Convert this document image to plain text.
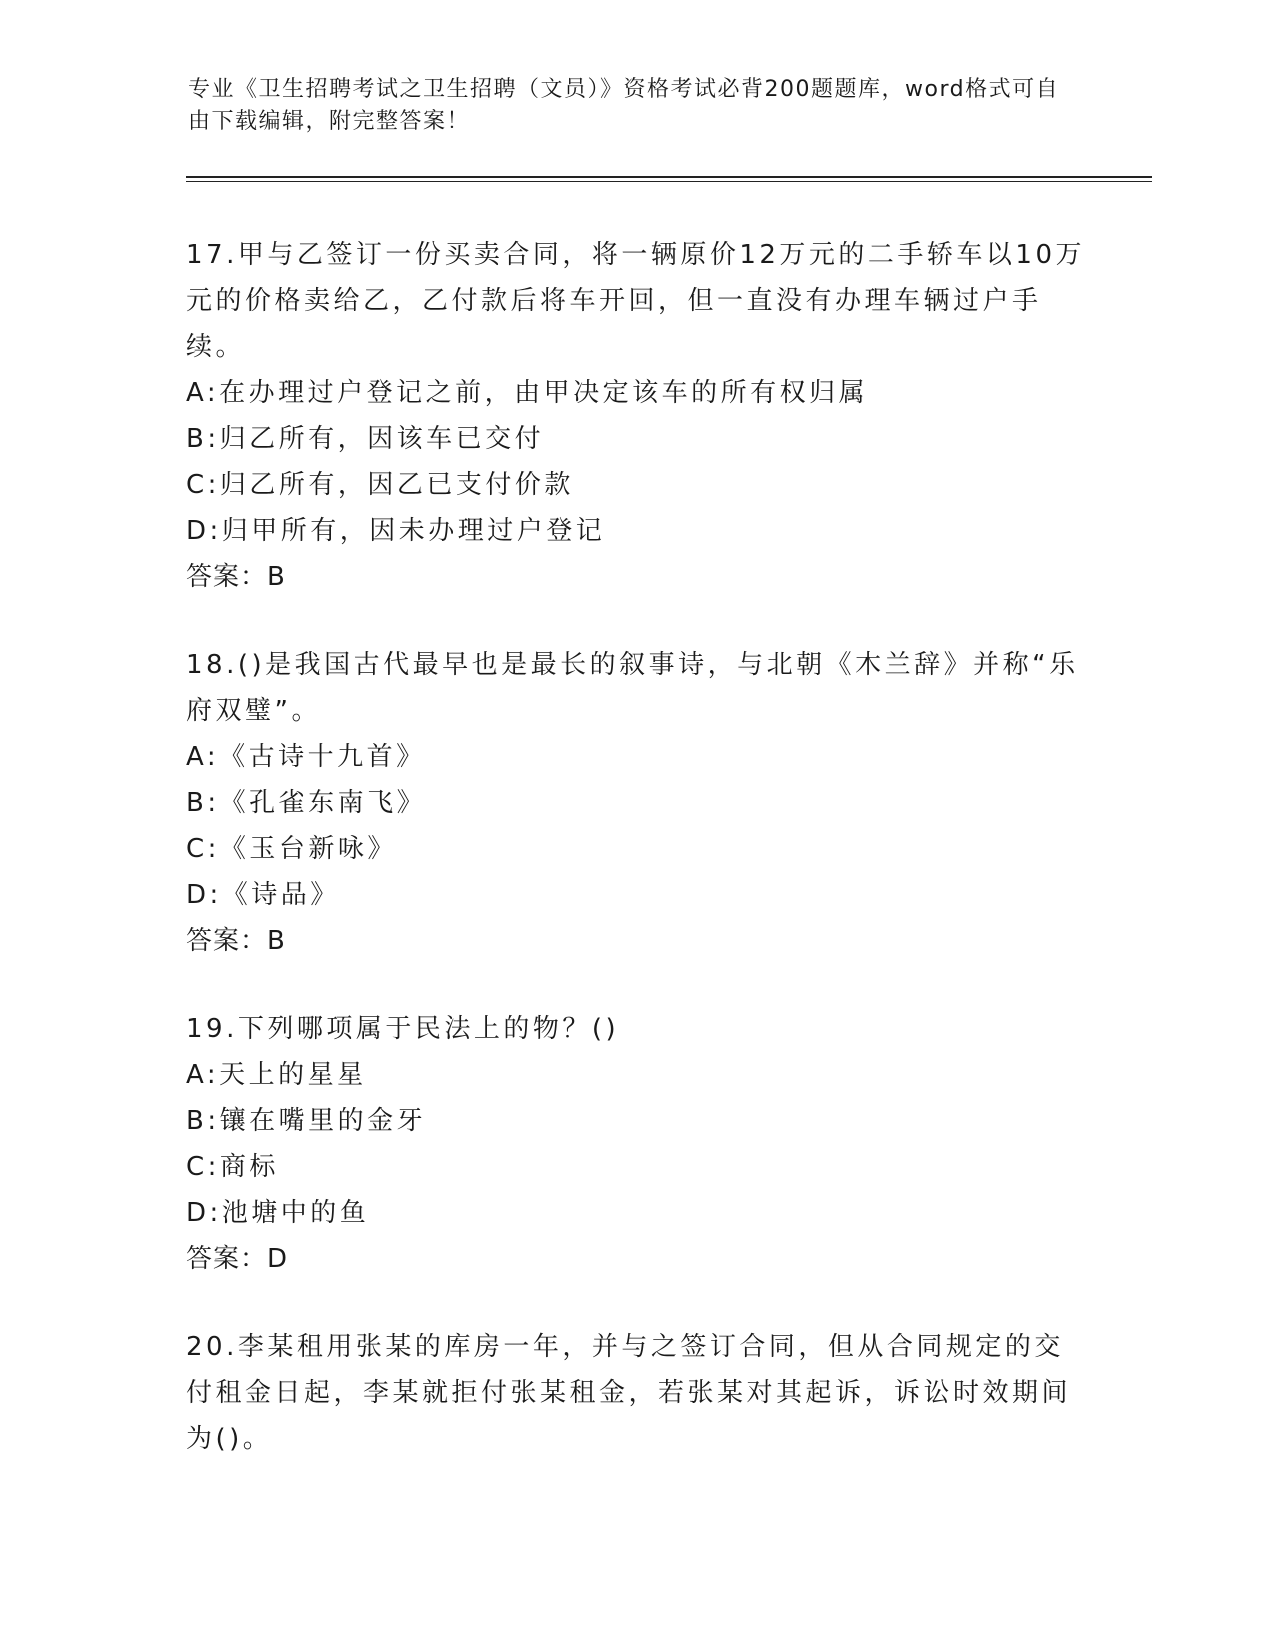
专业《卫生招聘考试之卫生招聘（文员）》资格考试必背200题题库，word格式可自由下载编辑，附完整答案！
17.甲与乙签订一份买卖合同，将一辆原价12万元的二手轿车以10万元的价格卖给乙，乙付款后将车开回，但一直没有办理车辆过户手续。
A:在办理过户登记之前，由甲决定该车的所有权归属
B:归乙所有，因该车已交付
C:归乙所有，因乙已支付价款
D:归甲所有，因未办理过户登记
答案：B
18.()是我国古代最早也是最长的叙事诗，与北朝《木兰辞》并称“乐府双璧”。
A:《古诗十九首》
B:《孔雀东南飞》
C:《玉台新咏》
D:《诗品》
答案：B
19.下列哪项属于民法上的物？()
A:天上的星星
B:镶在嘴里的金牙
C:商标
D:池塘中的鱼
答案：D
20.李某租用张某的库房一年，并与之签订合同，但从合同规定的交付租金日起，李某就拒付张某租金，若张某对其起诉，诉讼时效期间为()。
